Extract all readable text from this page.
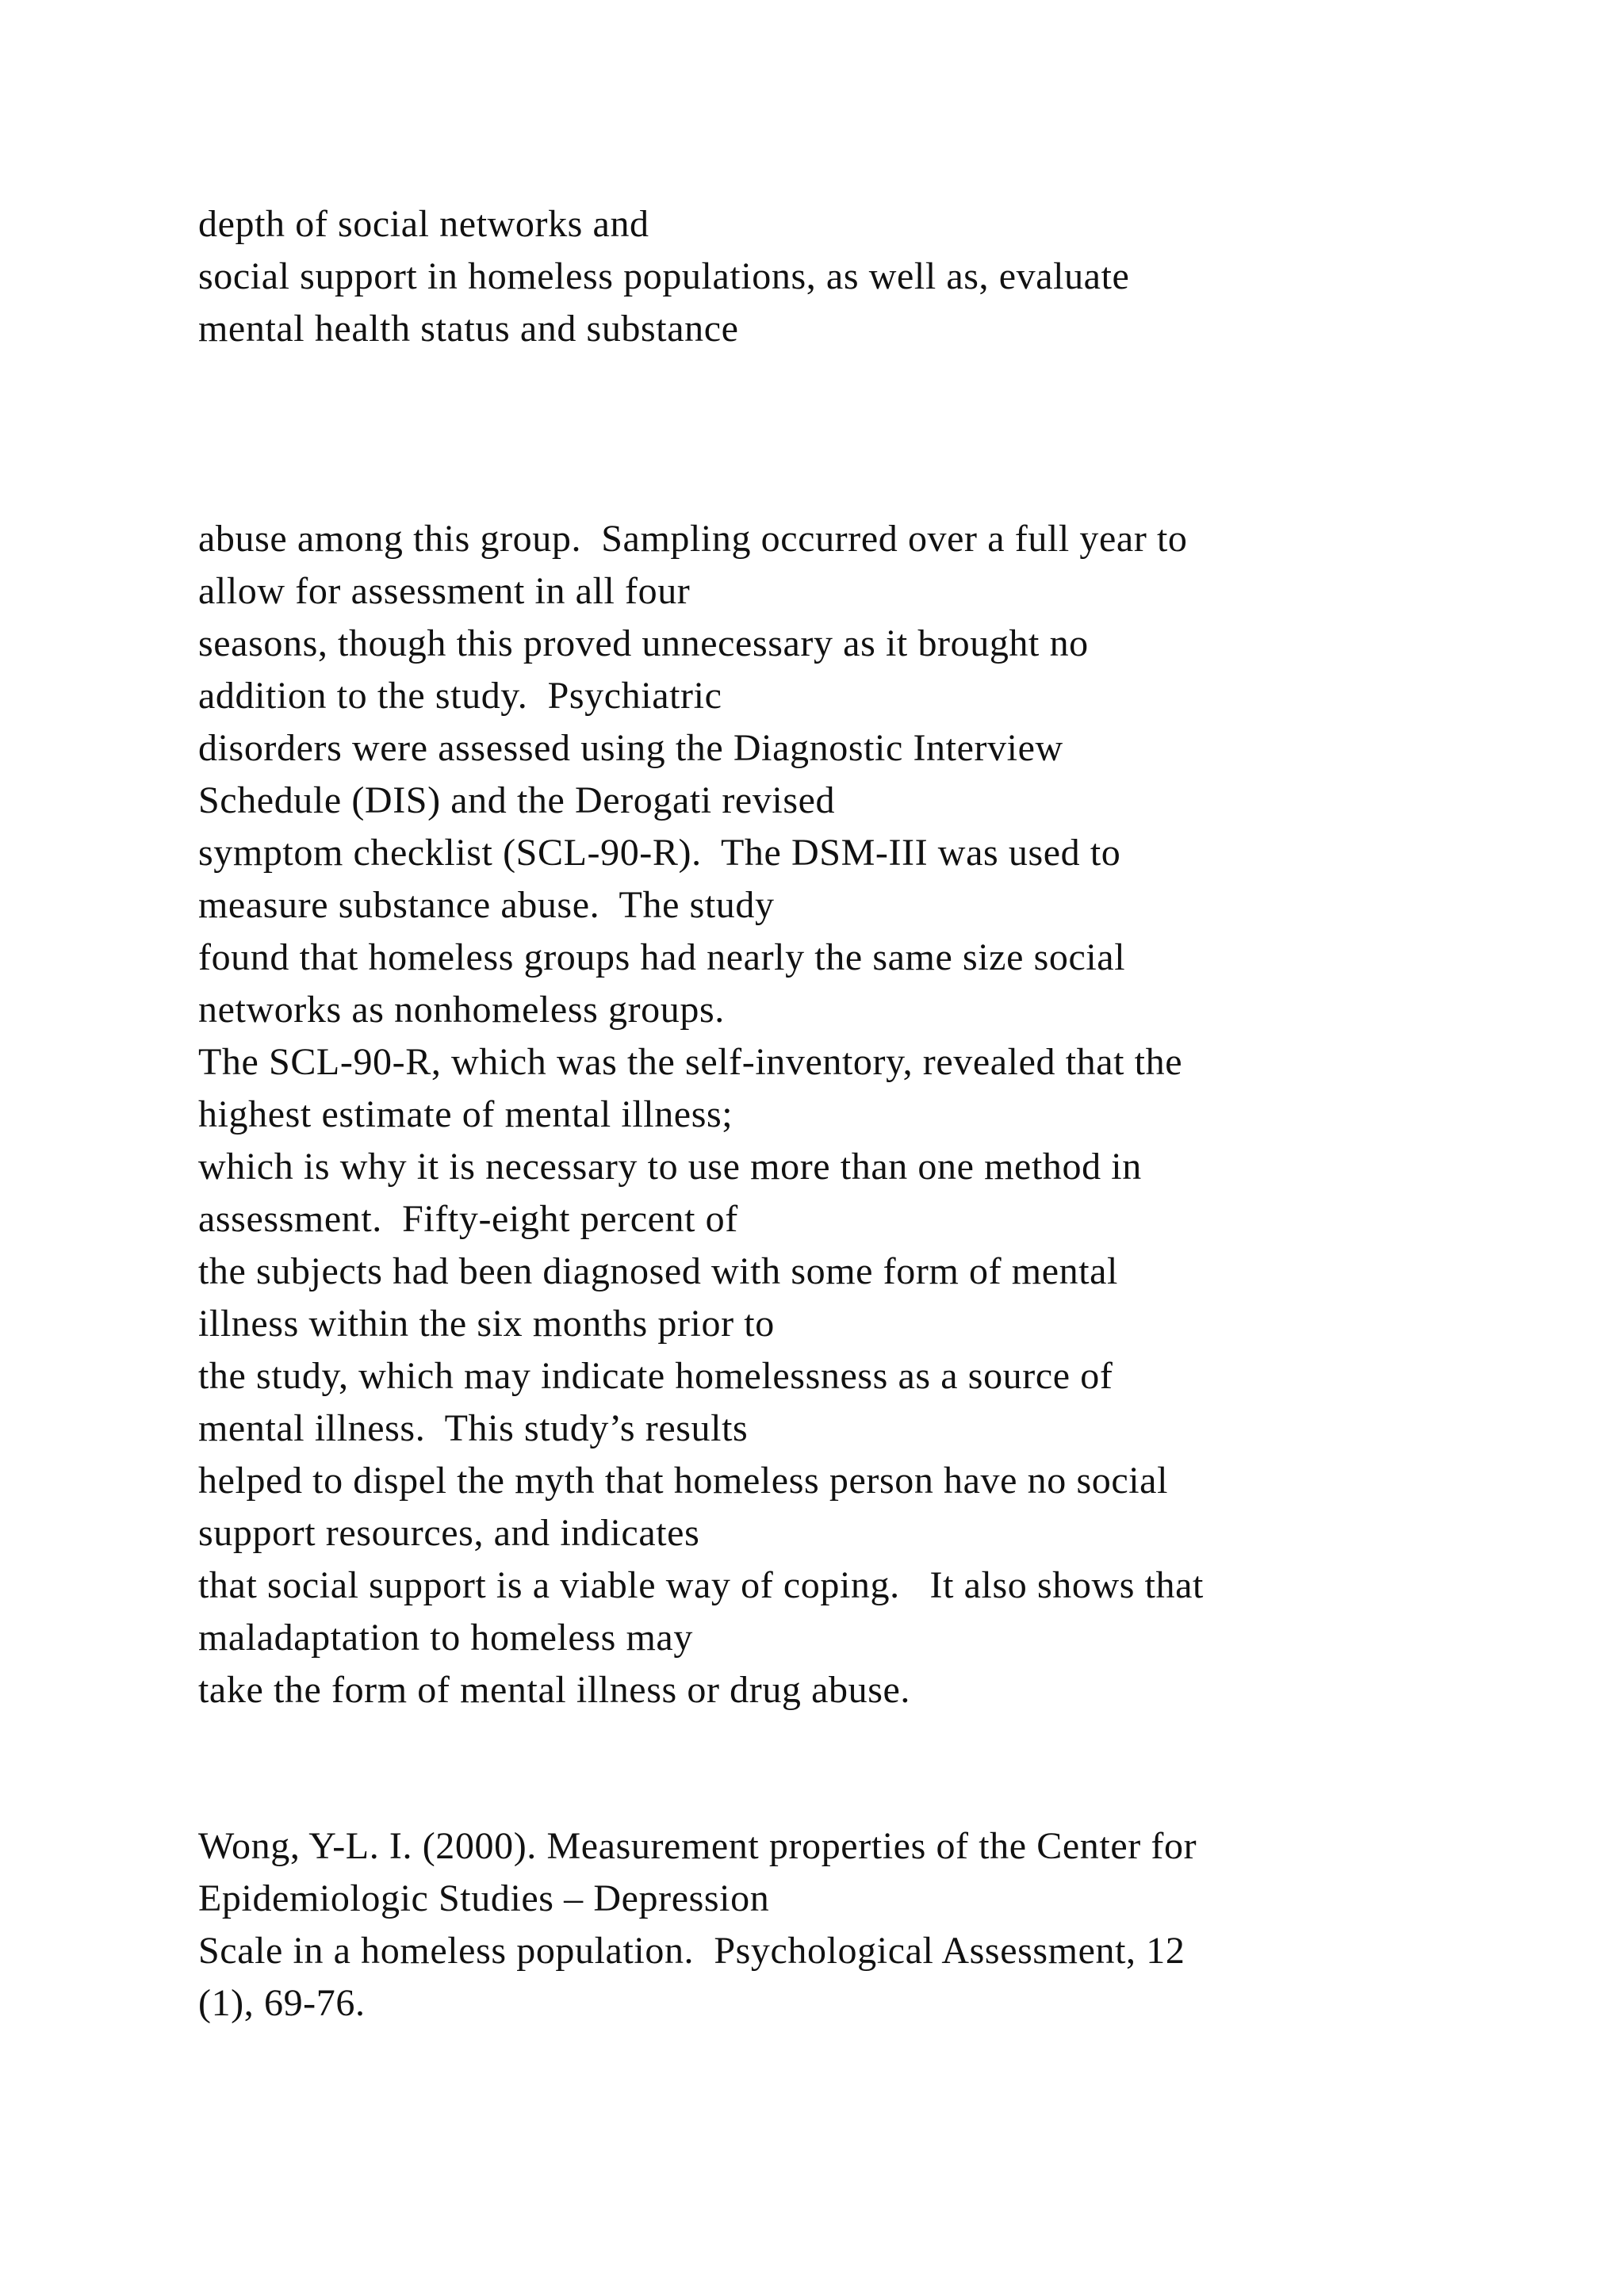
depth of social networks and

social support in homeless populations, as well as, evaluate

mental health status and substance

abuse among this group.  Sampling occurred over a full year to

allow for assessment in all four

seasons, though this proved unnecessary as it brought no

addition to the study.  Psychiatric

disorders were assessed using the Diagnostic Interview

Schedule (DIS) and the Derogati revised

symptom checklist (SCL-90-R).  The DSM-III was used to

measure substance abuse.  The study

found that homeless groups had nearly the same size social

networks as nonhomeless groups.

The SCL-90-R, which was the self-inventory, revealed that the

highest estimate of mental illness;

which is why it is necessary to use more than one method in

assessment.  Fifty-eight percent of

the subjects had been diagnosed with some form of mental

illness within the six months prior to

the study, which may indicate homelessness as a source of

mental illness.  This study’s results

helped to dispel the myth that homeless person have no social

support resources, and indicates

that social support is a viable way of coping.   It also shows that

maladaptation to homeless may

take the form of mental illness or drug abuse.

Wong, Y-L. I. (2000). Measurement properties of the Center for

Epidemiologic Studies – Depression

Scale in a homeless population.  Psychological Assessment, 12

(1), 69-76.
